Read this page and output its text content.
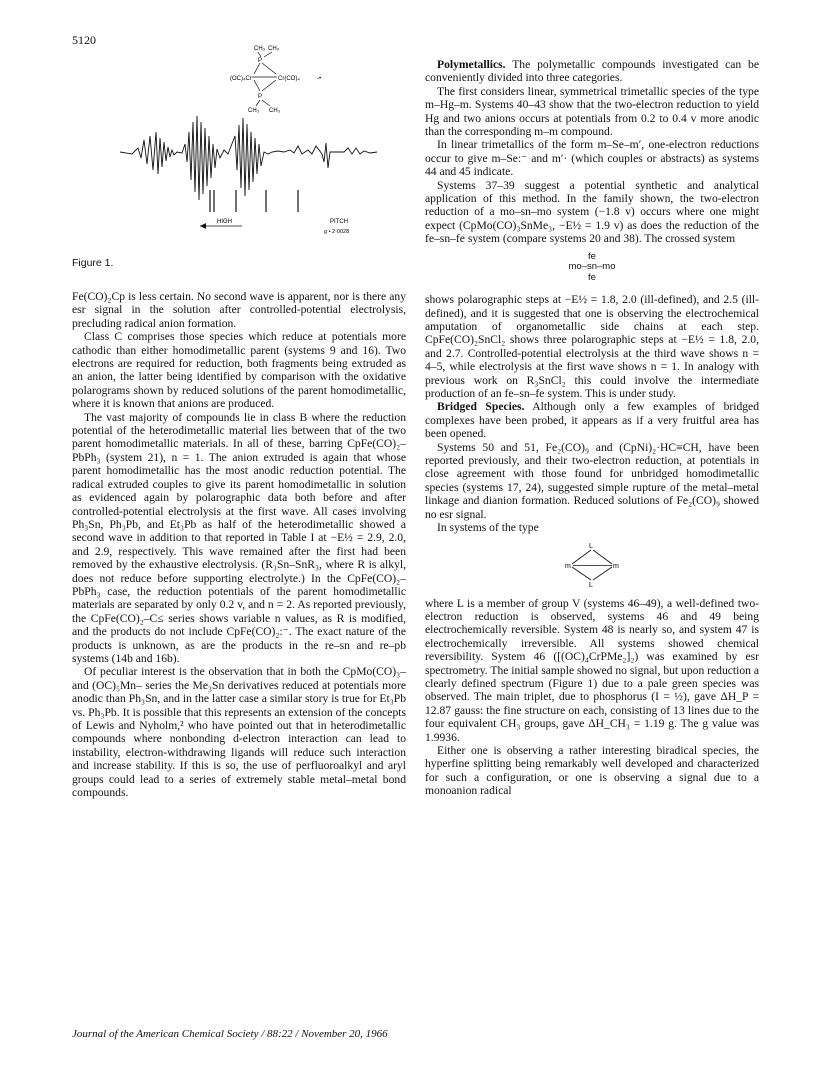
5120
CH₃ CH₃
P
(OC)₄Cr	Cr(CO)₄	-•
P
CH₃ CH₃
HIGH	PITCH
g • 2·0028
Figure 1.

Fe(CO)₂Cp is less certain. No second wave is apparent, nor is there any esr signal in the solution after controlled-potential electrolysis, precluding radical anion formation.

Class C comprises those species which reduce at potentials more cathodic than either homodimetallic parent (systems 9 and 16). Two electrons are required for reduction, both fragments being extruded as an anion, the latter being identified by comparison with the oxidative polarograms shown by reduced solutions of the parent homodimetallic, where it is known that anions are produced.

The vast majority of compounds lie in class B where the reduction potential of the heterodimetallic material lies between that of the two parent homodimetallic materials. In all of these, barring CpFe(CO)₂–PbPh₃ (system 21), n = 1. The anion extruded is again that whose parent homodimetallic has the most anodic reduction potential. The radical extruded couples to give its parent homodimetallic in solution as evidenced again by polarographic data both before and after controlled-potential electrolysis at the first wave. All cases involving Ph₃Sn, Ph₃Pb, and Et₃Pb as half of the heterodimetallic showed a second wave in addition to that reported in Table I at −E½ = 2.9, 2.0, and 2.9, respectively. This wave remained after the first had been removed by the exhaustive electrolysis. (R₃Sn–SnR₃, where R is alkyl, does not reduce before supporting electrolyte.) In the CpFe(CO)₂–PbPh₃ case, the reduction potentials of the parent homodimetallic materials are separated by only 0.2 v, and n = 2. As reported previously, the CpFe(CO)₂–C≤ series shows variable n values, as R is modified, and the products do not include CpFe(CO)₂:⁻. The exact nature of the products is unknown, as are the products in the re–sn and re–pb systems (14b and 16b).

Of peculiar interest is the observation that in both the CpMo(CO)₃– and (OC)₅Mn– series the Me₃Sn derivatives reduced at potentials more anodic than Ph₃Sn, and in the latter case a similar story is true for Et₃Pb vs. Ph₃Pb. It is possible that this represents an extension of the concepts of Lewis and Nyholm,² who have pointed out that in heterodimetallic compounds where nonbonding d-electron interaction can lead to instability, electron-withdrawing ligands will reduce such interaction and increase stability. If this is so, the use of perfluoroalkyl and aryl groups could lead to a series of extremely stable metal–metal bond compounds.

Polymetallics. The polymetallic compounds investigated can be conveniently divided into three categories.

The first considers linear, symmetrical trimetallic species of the type m–Hg–m. Systems 40–43 show that the two-electron reduction to yield Hg and two anions occurs at potentials from 0.2 to 0.4 v more anodic than the corresponding m–m compound.

In linear trimetallics of the form m–Se–m′, one-electron reductions occur to give m–Se:⁻ and m′· (which couples or abstracts) as systems 44 and 45 indicate.

Systems 37–39 suggest a potential synthetic and analytical application of this method. In the family shown, the two-electron reduction of a mo–sn–mo system (−1.8 v) occurs where one might expect (CpMo(CO)₃SnMe₃, −E½ = 1.9 v) as does the reduction of the fe–sn–fe system (compare systems 20 and 38). The crossed system

fe
mo–sn–mo
fe

shows polarographic steps at −E½ = 1.8, 2.0 (ill-defined), and 2.5 (ill-defined), and it is suggested that one is observing the electrochemical amputation of organometallic side chains at each step. CpFe(CO)₂SnCl₂ shows three polarographic steps at −E½ = 1.8, 2.0, and 2.7. Controlled-potential electrolysis at the third wave shows n = 4–5, while electrolysis at the first wave shows n = 1. In analogy with previous work on R₃SnCl₂ this could involve the intermediate production of an fe–sn–fe system. This is under study.

Bridged Species. Although only a few examples of bridged complexes have been probed, it appears as if a very fruitful area has been opened.

Systems 50 and 51, Fe₂(CO)₉ and (CpNi)₂·HC≡CH, have been reported previously, and their two-electron reduction, at potentials in close agreement with those found for unbridged homodimetallic species (systems 17, 24), suggested simple rupture of the metal–metal linkage and dianion formation. Reduced solutions of Fe₂(CO)₉ showed no esr signal.

In systems of the type

L
m	m
L

where L is a member of group V (systems 46–49), a well-defined two-electron reduction is observed, systems 46 and 49 being electrochemically reversible. System 48 is nearly so, and system 47 is electrochemically irreversible. All systems showed chemical reversibility. System 46 ([(OC)₄CrPMe₂]₂) was examined by esr spectrometry. The initial sample showed no signal, but upon reduction a clearly defined spectrum (Figure 1) due to a pale green species was observed. The main triplet, due to phosphorus (I = ½), gave ΔH_P = 12.87 gauss: the fine structure on each, consisting of 13 lines due to the four equivalent CH₃ groups, gave ΔH_CH₃ = 1.19 g. The g value was 1.9936.

Either one is observing a rather interesting biradical species, the hyperfine splitting being remarkably well developed and characterized for such a configuration, or one is observing a signal due to a monoanion radical

Journal of the American Chemical Society / 88:22 / November 20, 1966
